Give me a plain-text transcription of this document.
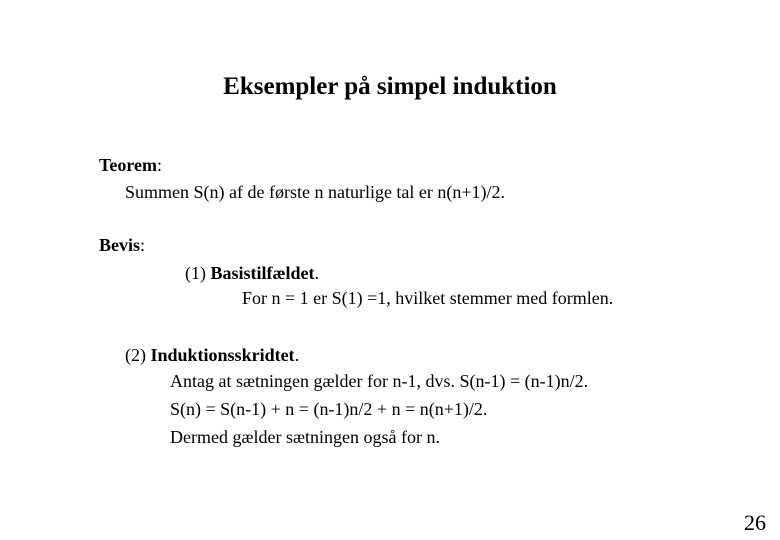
Eksempler på simpel induktion
Teorem:
Summen S(n) af de første n naturlige tal er n(n+1)/2.
Bevis:
(1) Basistilfældet.
For n = 1 er S(1) =1, hvilket stemmer med formlen.
(2) Induktionsskridtet.
Antag at sætningen gælder for n-1, dvs. S(n-1) = (n-1)n/2.
S(n) = S(n-1) + n = (n-1)n/2 + n = n(n+1)/2.
Dermed gælder sætningen også for n.
26
